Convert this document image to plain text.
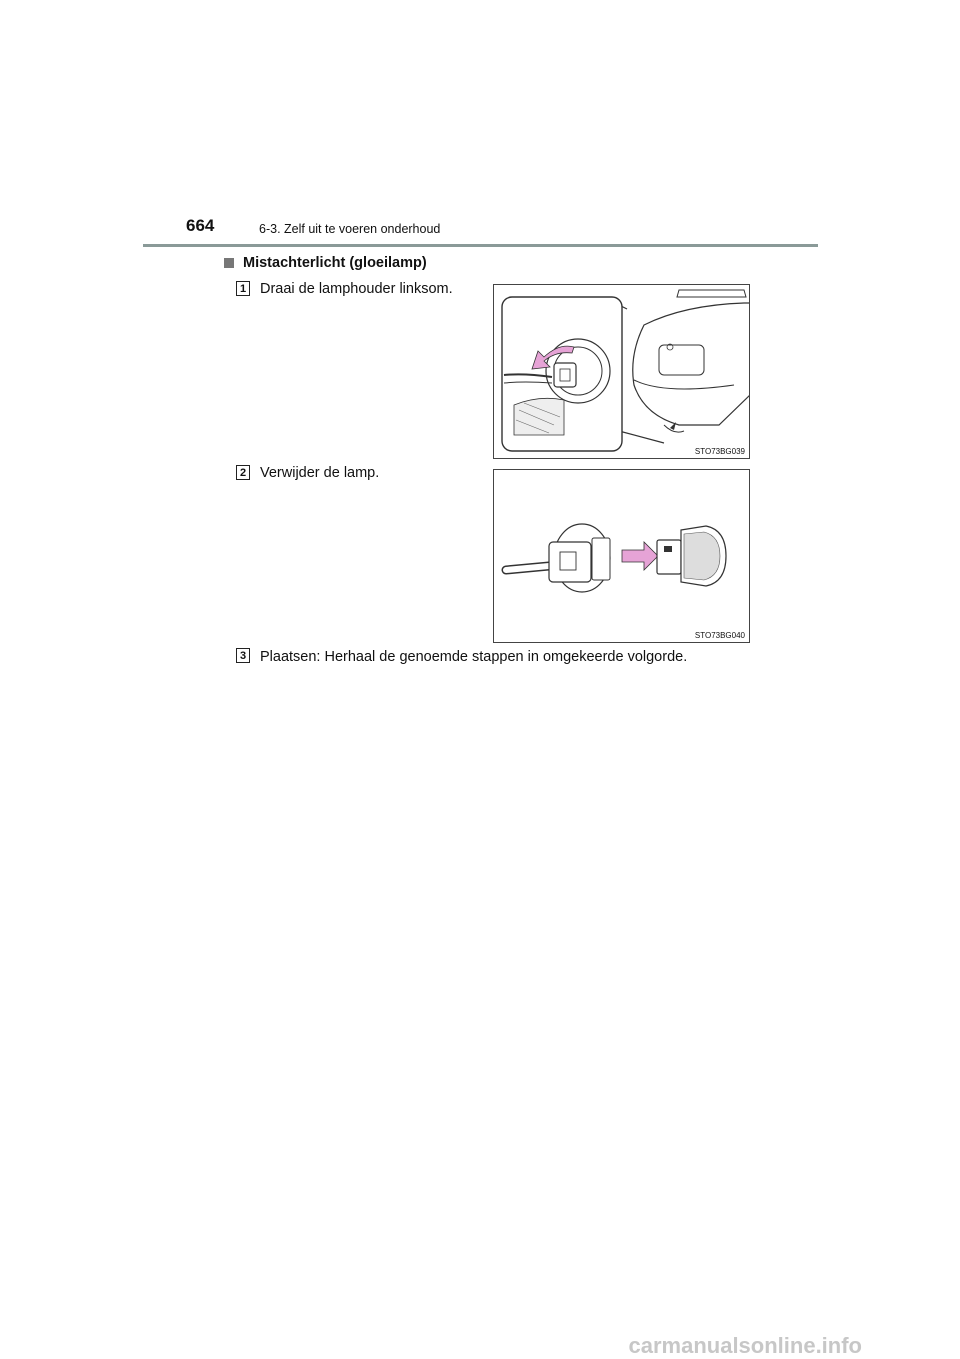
664	6-3. Zelf uit te voeren onderhoud
Mistachterlicht (gloeilamp)
1 Draai de lamphouder linksom.
STO73BG039
2 Verwijder de lamp.
STO73BG040
3 Plaatsen: Herhaal de genoemde stappen in omgekeerde volgorde.
carmanualsonline.info
